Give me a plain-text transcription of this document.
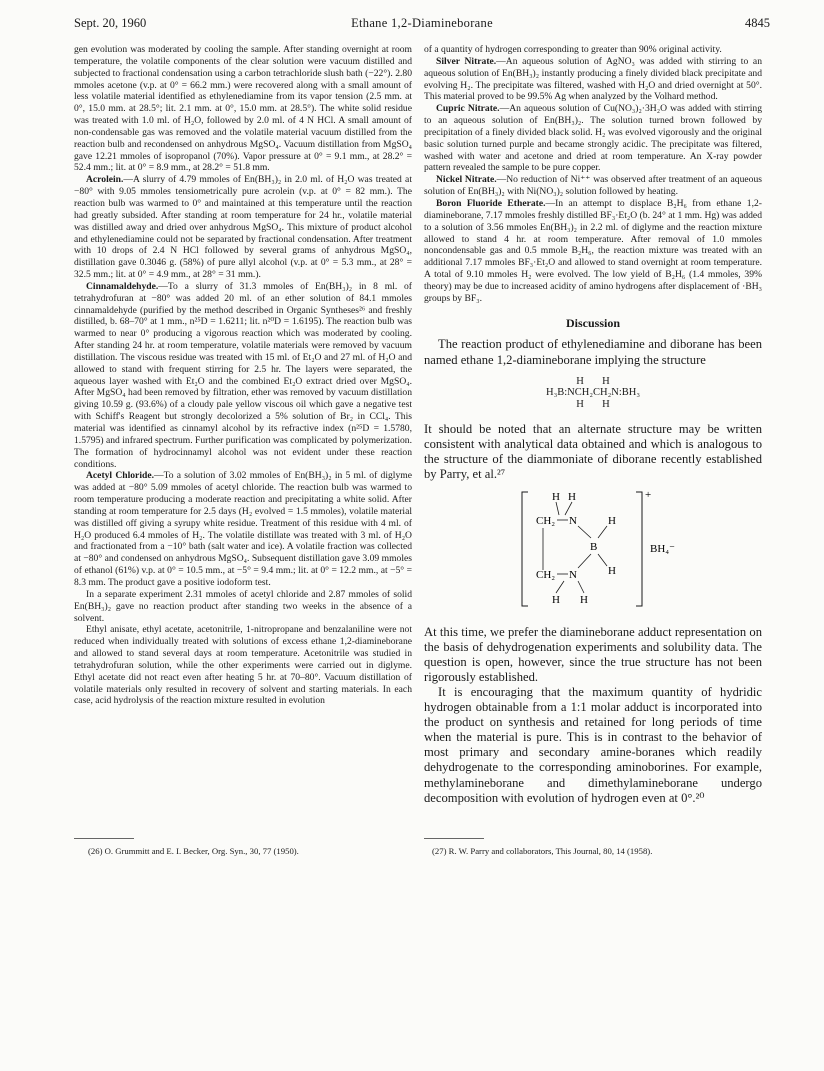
Sept. 20, 1960	Ethane 1,2-Diamineborane	4845

gen evolution was moderated by cooling the sample. After standing overnight at room temperature, the volatile components of the clear solution were vacuum distilled and subjected to fractional condensation using a carbon tetrachloride slush bath (−22°). 2.80 mmoles acetone (v.p. at 0° = 66.2 mm.) were recovered along with a small amount of less volatile material identified as ethylenediamine from its vapor tension (2.5 mm. at 0°, 15.0 mm. at 28.5°; lit. 2.1 mm. at 0°, 15.0 mm. at 28.5°). The white solid residue was treated with 1.0 ml. of H₂O, followed by 2.0 ml. of 4 N HCl. A small amount of non-condensable gas was removed and the volatile material vacuum distilled from the reaction bulb and recondensed on anhydrous MgSO₄. Vacuum distillation from MgSO₄ gave 12.21 mmoles of isopropanol (70%). Vapor pressure at 0° = 9.1 mm., at 28.2° = 52.4 mm.; lit. at 0° = 8.9 mm., at 28.2° = 51.8 mm.

Acrolein.—A slurry of 4.79 mmoles of En(BH₃)₂ in 2.0 ml. of H₂O was treated at −80° with 9.05 mmoles tensiometrically pure acrolein (v.p. at 0° = 82 mm.). The reaction bulb was warmed to 0° and maintained at this temperature until the reaction had greatly subsided. After standing at room temperature for 24 hr., volatile material was distilled away and dried over anhydrous MgSO₄. This mixture of product alcohol and ethylenediamine could not be separated by fractional condensation. After treatment with 10 drops of 2.4 N HCl followed by several grams of anhydrous MgSO₄, distillation gave 0.3046 g. (58%) of pure allyl alcohol (v.p. at 0° = 5.3 mm., at 28° = 32.5 mm.; lit. at 0° = 4.9 mm., at 28° = 31 mm.).

Cinnamaldehyde.—To a slurry of 31.3 mmoles of En(BH₃)₂ in 8 ml. of tetrahydrofuran at −80° was added 20 ml. of an ether solution of 84.1 mmoles cinnamaldehyde (purified by the method described in Organic Syntheses²⁶ and freshly distilled, b. 68–70° at 1 mm., n²⁵D = 1.6211; lit. n²⁰D = 1.6195). The reaction bulb was warmed to near 0° producing a vigorous reaction which was moderated by cooling. After standing 24 hr. at room temperature, volatile materials were removed by vacuum distillation. The viscous residue was treated with 15 ml. of Et₂O and 27 ml. of H₂O and allowed to stand with frequent stirring for 2.5 hr. The layers were separated, the aqueous layer washed with Et₂O and the combined Et₂O extract dried over MgSO₄. After MgSO₄ had been removed by filtration, ether was removed by vacuum distillation giving 10.59 g. (93.6%) of a cloudy pale yellow viscous oil which gave a negative test with Schiff's Reagent but strongly decolorized a 5% solution of Br₂ in CCl₄. This material was identified as cinnamyl alcohol by its refractive index (n²⁵D = 1.5780, 1.5795) and infrared spectrum. Further purification was complicated by polymerization. The formation of hydrocinnamyl alcohol was not evident under these reaction conditions.

Acetyl Chloride.—To a solution of 3.02 mmoles of En(BH₃)₂ in 5 ml. of diglyme was added at −80° 5.09 mmoles of acetyl chloride. The reaction bulb was warmed to room temperature producing a moderate reaction and precipitating a white solid. After standing at room temperature for 2.5 days (H₂ evolved = 1.5 mmoles), volatile material was distilled off giving a syrupy white residue. Treatment of this residue with 4 ml. of H₂O produced 6.4 mmoles of H₂. The volatile distillate was treated with 3 ml. of H₂O and fractionated from a −10° bath (salt water and ice). A volatile fraction was collected at −80° and condensed on anhydrous MgSO₄. Subsequent distillation gave 3.09 mmoles of ethanol (61%) v.p. at 0° = 10.5 mm., at −5° = 9.4 mm.; lit. at 0° = 12.2 mm., at −5° = 8.3 mm. The product gave a positive iodoform test.

In a separate experiment 2.31 mmoles of acetyl chloride and 2.87 mmoles of solid En(BH₃)₂ gave no reaction product after standing two weeks in the absence of a solvent.

Ethyl anisate, ethyl acetate, acetonitrile, 1-nitropropane and benzalaniline were not reduced when individually treated with solutions of excess ethane 1,2-diamineborane and allowed to stand several days at room temperature. Acetonitrile was studied in tetrahydrofuran solution, while the other experiments were carried out in diglyme. Ethyl acetate did not react even after heating 5 hr. at 70–80°. Vacuum distillation of volatile materials only resulted in recovery of solvent and starting materials. In each case, acid hydrolysis of the reaction mixture resulted in evolution

of a quantity of hydrogen corresponding to greater than 90% original activity.

Silver Nitrate.—An aqueous solution of AgNO₃ was added with stirring to an aqueous solution of En(BH₃)₂ instantly producing a finely divided black precipitate and evolving H₂. The precipitate was filtered, washed with H₂O and dried overnight at 50°. This material proved to be 99.5% Ag when analyzed by the Volhard method.

Cupric Nitrate.—An aqueous solution of Cu(NO₃)₂·3H₂O was added with stirring to an aqueous solution of En(BH₃)₂. The solution turned brown followed by precipitation of a finely divided black solid. H₂ was evolved vigorously and the original basic solution turned purple and became strongly acidic. The precipitate was filtered, washed with water and acetone and dried at room temperature. An X-ray powder pattern revealed the sample to be pure copper.

Nickel Nitrate.—No reduction of Ni⁺⁺ was observed after treatment of an aqueous solution of En(BH₃)₂ with Ni(NO₃)₂ solution followed by heating.

Boron Fluoride Etherate.—In an attempt to displace B₂H₆ from ethane 1,2-diamineborane, 7.17 mmoles freshly distilled BF₃·Et₂O (b. 24° at 1 mm. Hg) was added to a solution of 3.56 mmoles En(BH₃)₂ in 2.2 ml. of diglyme and the reaction mixture allowed to stand 4 hr. at room temperature. After removal of 1.0 mmoles noncondensable gas and 0.5 mmole B₂H₆, the reaction mixture was treated with an additional 7.17 mmoles BF₃·Et₂O and allowed to stand overnight at room temperature. A total of 9.10 mmoles H₂ were evolved. The low yield of B₂H₆ (1.4 mmoles, 39% theory) may be due to increased acidity of amino hydrogens after displacement of ·BH₃ groups by BF₃.

Discussion

The reaction product of ethylenediamine and diborane has been named ethane 1,2-diamineborane implying the structure

H       H
H₃B:NCH₂CH₂N:BH₃
H       H

It should be noted that an alternate structure may be written consistent with analytical data obtained and which is analogous to the structure of the diammoniate of diborane recently established by Parry, et al.²⁷

H H
CH₂ N	H
B
H
CH₂ N
H H
+
BH₄⁻

At this time, we prefer the diamineborane adduct representation on the basis of dehydrogenation experiments and solubility data. The question is open, however, since the true structure has not been rigorously established.

It is encouraging that the maximum quantity of hydridic hydrogen obtainable from a 1:1 molar adduct is incorporated into the product on synthesis and retained for long periods of time when the material is pure. This is in contrast to the behavior of most primary and secondary amine-boranes which readily dehydrogenate to the corresponding aminoborines. For example, methylamineborane and dimethylamineborane undergo decomposition with evolution of hydrogen even at 0°.²⁰

(26) O. Grummitt and E. I. Becker, Org. Syn., 30, 77 (1950).	(27) R. W. Parry and collaborators, This Journal, 80, 14 (1958).
